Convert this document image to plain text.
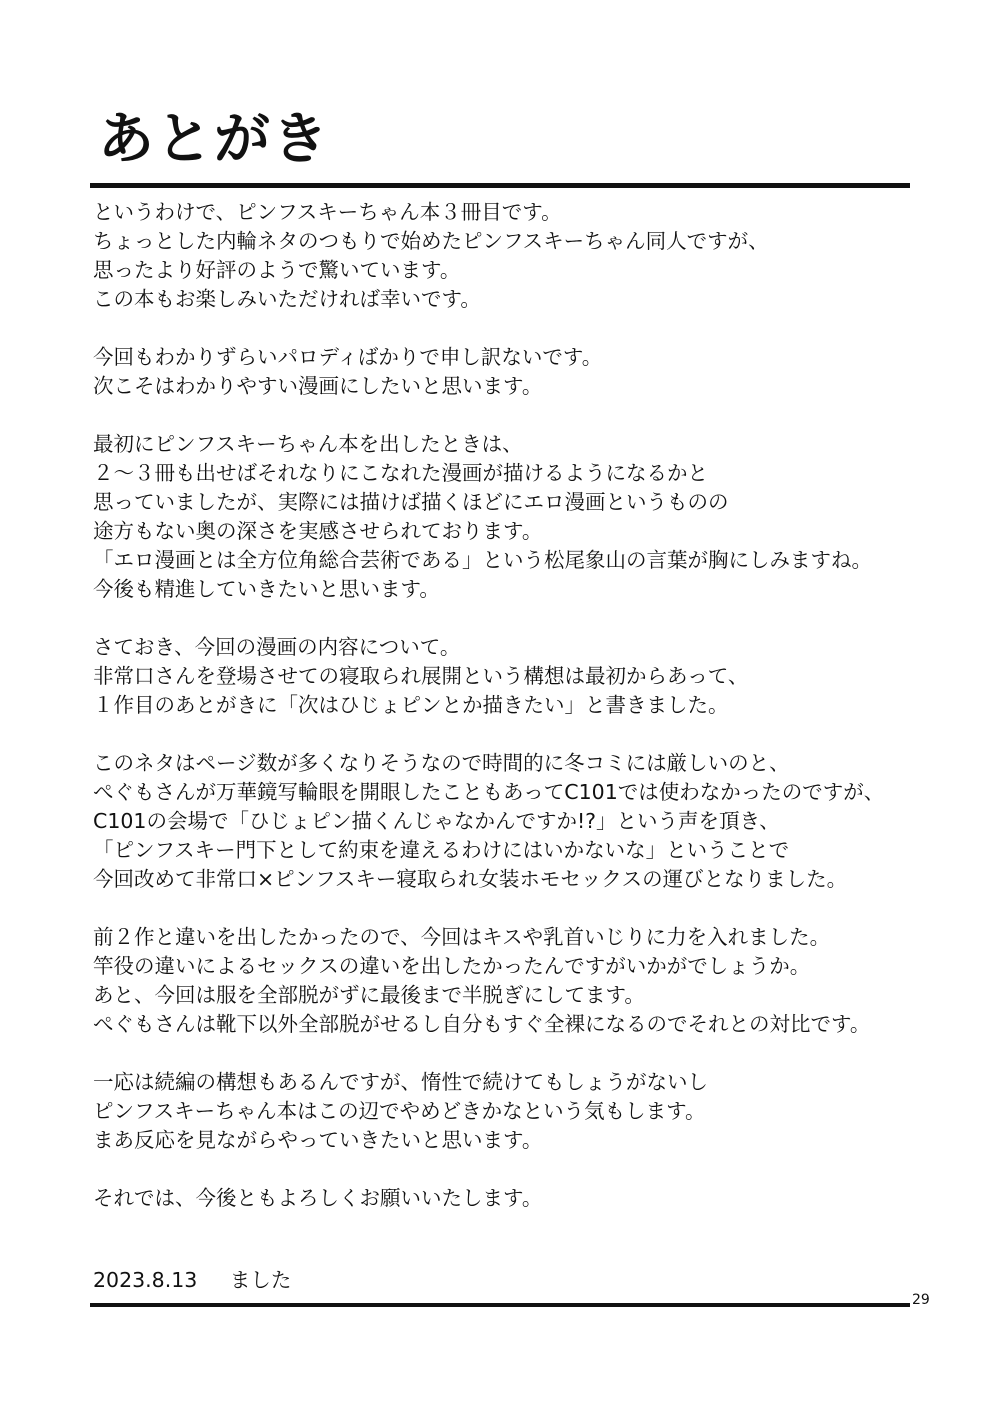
あとがき
というわけで、ピンフスキーちゃん本３冊目です。
ちょっとした内輪ネタのつもりで始めたピンフスキーちゃん同人ですが、
思ったより好評のようで驚いています。
この本もお楽しみいただければ幸いです。
今回もわかりずらいパロディばかりで申し訳ないです。
次こそはわかりやすい漫画にしたいと思います。
最初にピンフスキーちゃん本を出したときは、
２～３冊も出せばそれなりにこなれた漫画が描けるようになるかと
思っていましたが、実際には描けば描くほどにエロ漫画というものの
途方もない奥の深さを実感させられております。
「エロ漫画とは全方位角総合芸術である」という松尾象山の言葉が胸にしみますね。
今後も精進していきたいと思います。
さておき、今回の漫画の内容について。
非常口さんを登場させての寝取られ展開という構想は最初からあって、
１作目のあとがきに「次はひじょピンとか描きたい」と書きました。
このネタはページ数が多くなりそうなので時間的に冬コミには厳しいのと、
ぺぐもさんが万華鏡写輪眼を開眼したこともあってC101では使わなかったのですが、
C101の会場で「ひじょピン描くんじゃなかんですか!?」という声を頂き、
「ピンフスキー門下として約束を違えるわけにはいかないな」ということで
今回改めて非常口×ピンフスキー寝取られ女装ホモセックスの運びとなりました。
前２作と違いを出したかったので、今回はキスや乳首いじりに力を入れました。
竿役の違いによるセックスの違いを出したかったんですがいかがでしょうか。
あと、今回は服を全部脱がずに最後まで半脱ぎにしてます。
ぺぐもさんは靴下以外全部脱がせるし自分もすぐ全裸になるのでそれとの対比です。
一応は続編の構想もあるんですが、惰性で続けてもしょうがないし
ピンフスキーちゃん本はこの辺でやめどきかなという気もします。
まあ反応を見ながらやっていきたいと思います。
それでは、今後ともよろしくお願いいたします。
2023.8.13 ました
29
